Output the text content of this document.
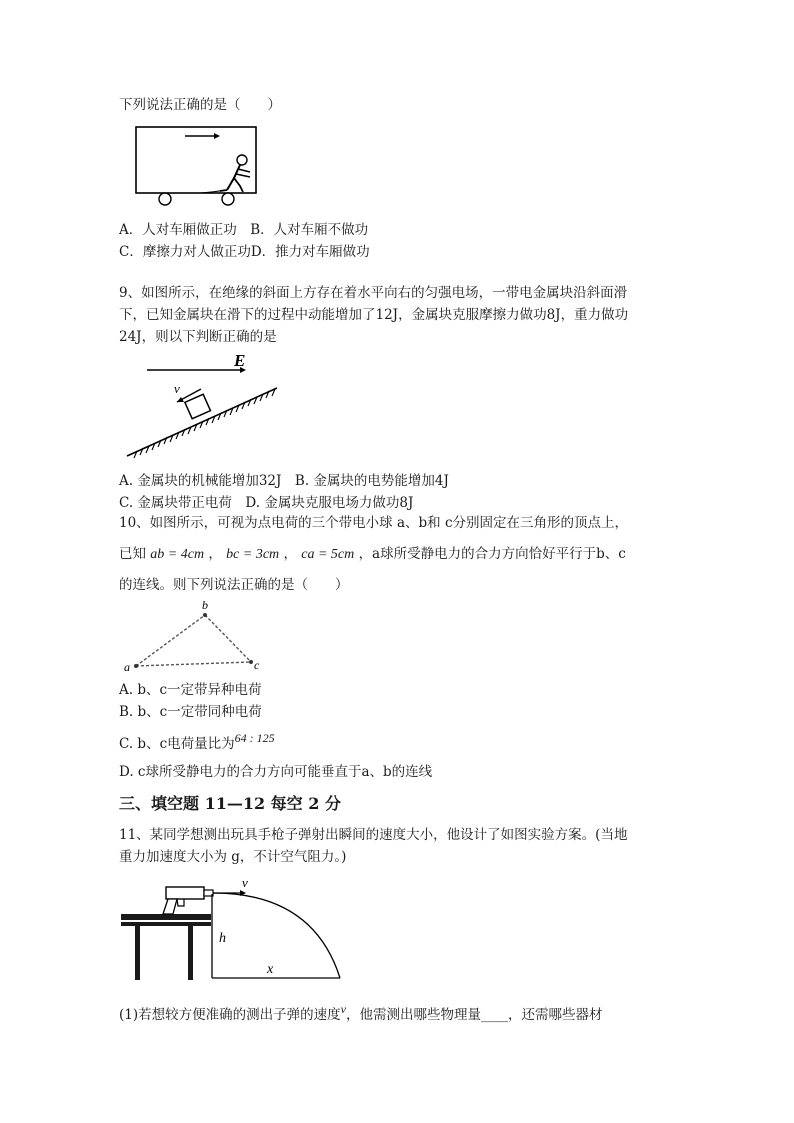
下列说法正确的是（　　）
A．人对车厢做正功　B．人对车厢不做功
C．摩擦力对人做正功D．推力对车厢做功
9、如图所示，在绝缘的斜面上方存在着水平向右的匀强电场，一带电金属块沿斜面滑
下，已知金属块在滑下的过程中动能增加了12J，金属块克服摩擦力做功8J，重力做功
24J，则以下判断正确的是
E
v
A. 金属块的机械能增加32J　B. 金属块的电势能增加4J
C. 金属块带正电荷　D. 金属块克服电场力做功8J
10、如图所示，可视为点电荷的三个带电小球 a、b和 c分别固定在三角形的顶点上，
已知 ab = 4cm ， bc = 3cm ， ca = 5cm ，a球所受静电力的合力方向恰好平行于b、c
的连线。则下列说法正确的是（　　）
b
a	c
A. b、c一定带异种电荷
B. b、c一定带同种电荷
C. b、c电荷量比为64 : 125
D. c球所受静电力的合力方向可能垂直于a、b的连线
三、填空题 11—12 每空 2 分
11、某同学想测出玩具手枪子弹射出瞬间的速度大小，他设计了如图实验方案。(当地
重力加速度大小为 g，不计空气阻力。)
v
h
x
(1)若想较方便准确的测出子弹的速度v，他需测出哪些物理量____，还需哪些器材
